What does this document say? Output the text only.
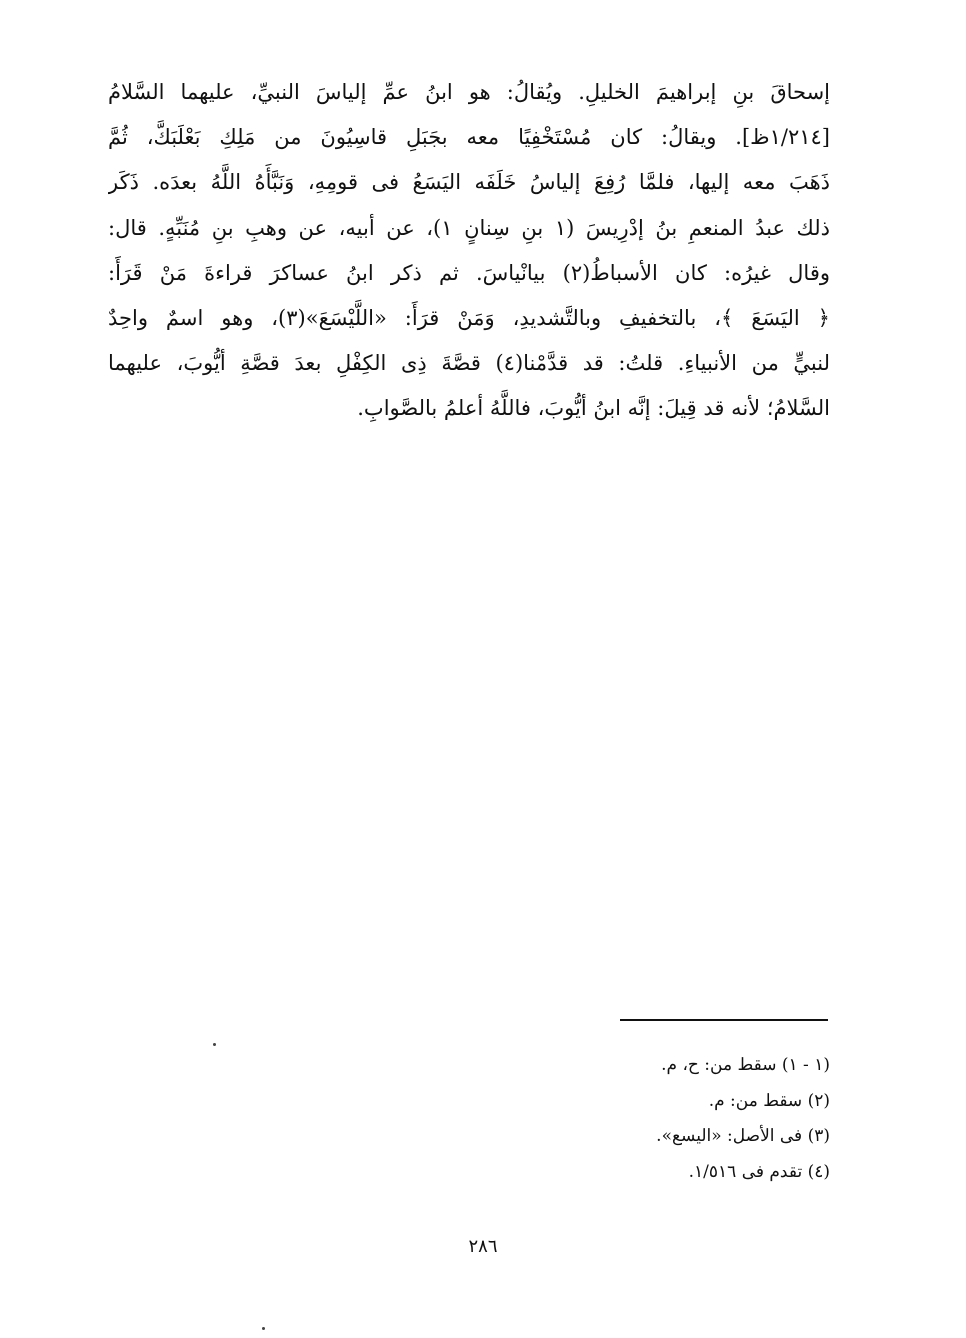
إسحاقَ بنِ إبراهيمَ الخليلِ. ويُقالُ: هو ابنُ عمِّ إلياسَ النبيِّ، عليهما السَّلامُ
[١/٢١٤ظ]. ويقالُ: كان مُسْتَخْفِيًا معه بجَبَلِ قاسِيُونَ من مَلِكِ بَعْلَبَكَّ، ثُمَّ
ذَهَبَ معه إليها، فلمَّا رُفِعَ إلياسُ خَلَفَه اليَسَعُ فى قومِهِ، وَنَبَّأَهُ اللَّهُ بعدَه. ذَكَر
ذلك عبدُ المنعمِ بنُ إدْرِيسَ (١ بنِ سِنانٍ ١)، عن أبيه، عن وهبِ بنِ مُنَبِّهٍ. قال:
وقال غيرُه: كان الأسباطُ(٢) بيانْياسَ. ثم ذكر ابنُ عساكرَ قراءةَ مَنْ قَرَأَ:
﴿ اليَسَعَ ﴾، بالتخفيفِ وبالتَّشديدِ، وَمَنْ قرَأَ: «اللَّيْسَعَ»(٣)، وهو اسمٌ واحِدٌ
لنبيٍّ من الأنبياءِ. قلتُ: قد قدَّمْنا(٤) قصَّةَ ذِى الكِفْلِ بعدَ قصَّةِ أيُّوبَ، عليهما
السَّلامُ؛ لأنه قد قِيلَ: إنَّه ابنُ أيُّوبَ، فاللَّهُ أعلمُ بالصَّوابِ.
(١ - ١) سقط من: ح، م.
(٢) سقط من: م.
(٣) فى الأصل: «اليسع».
(٤) تقدم فى ١/٥١٦.
٢٨٦
